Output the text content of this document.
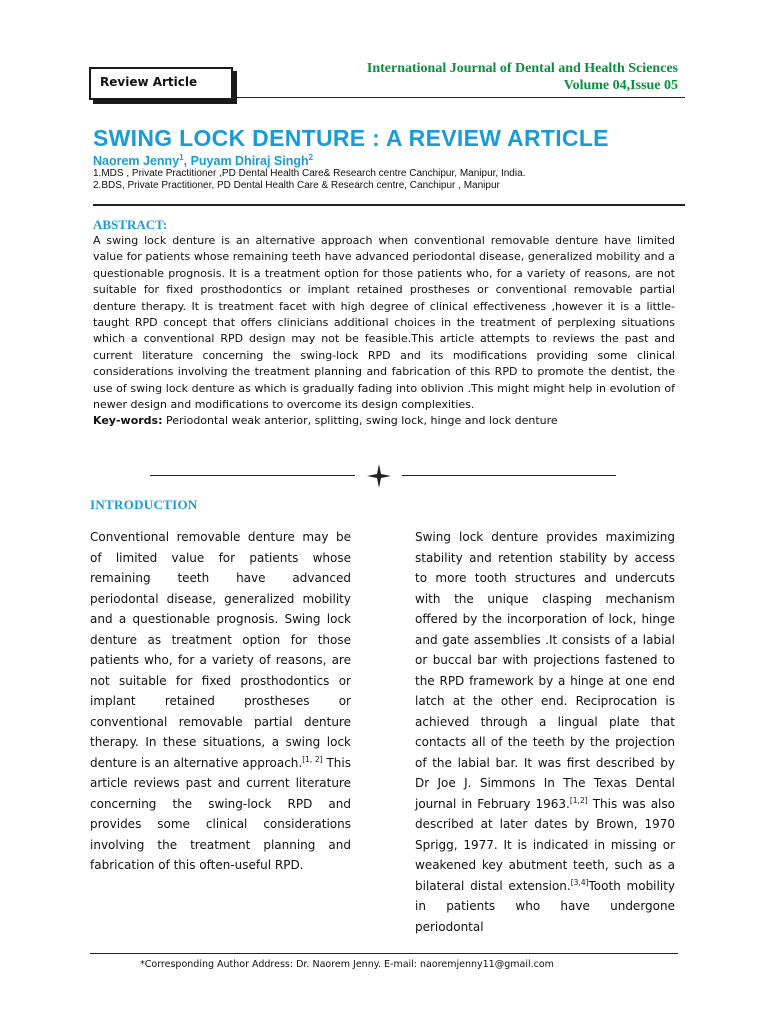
International Journal of Dental and Health Sciences
Volume 04,Issue 05
Review Article
SWING LOCK DENTURE : A REVIEW ARTICLE
Naorem Jenny$^1$, Puyam Dhiraj Singh$^2$
1.MDS , Private Practitioner ,PD Dental Health Care& Research centre Canchipur, Manipur, India.
2.BDS, Private Practitioner, PD Dental Health Care & Research centre, Canchipur , Manipur
ABSTRACT:
A swing lock denture is an alternative approach when conventional removable denture have limited value for patients whose remaining teeth have advanced periodontal disease, generalized mobility and a questionable prognosis. It is a treatment option for those patients who, for a variety of reasons, are not suitable for fixed prosthodontics or implant retained prostheses or conventional removable partial denture therapy. It is treatment facet with high degree of clinical effectiveness ,however it is a little-taught RPD concept that offers clinicians additional choices in the treatment of perplexing situations which a conventional RPD design may not be feasible.This article attempts to reviews the past and current literature concerning the swing-lock RPD and its modifications providing some clinical considerations involving the treatment planning and fabrication of this RPD to promote the dentist, the use of swing lock denture as which is gradually fading into oblivion .This might might help in evolution of newer design and modifications to overcome its design complexities.
Key-words: Periodontal weak anterior, splitting, swing lock, hinge and lock denture
INTRODUCTION
Conventional removable denture may be of limited value for patients whose remaining teeth have advanced periodontal disease, generalized mobility and a questionable prognosis. Swing lock denture as treatment option for those patients who, for a variety of reasons, are not suitable for fixed prosthodontics or implant retained prostheses or conventional removable partial denture therapy. In these situations, a swing lock denture is an alternative approach.[1, 2] This article reviews past and current literature concerning the swing-lock RPD and provides some clinical considerations involving the treatment planning and fabrication of this often-useful RPD.
Swing lock denture provides maximizing stability and retention stability by access to more tooth structures and undercuts with the unique clasping mechanism offered by the incorporation of lock, hinge and gate assemblies .It consists of a labial or buccal bar with projections fastened to the RPD framework by a hinge at one end latch at the other end. Reciprocation is achieved through a lingual plate that contacts all of the teeth by the projection of the labial bar. It was first described by Dr Joe J. Simmons In The Texas Dental journal in February 1963.[1,2] This was also described at later dates by Brown, 1970 Sprigg, 1977. It is indicated in missing or weakened key abutment teeth, such as a bilateral distal extension.[3,4]Tooth mobility in patients who have undergone periodontal
*Corresponding Author Address: Dr. Naorem Jenny. E-mail: naoremjenny11@gmail.com
